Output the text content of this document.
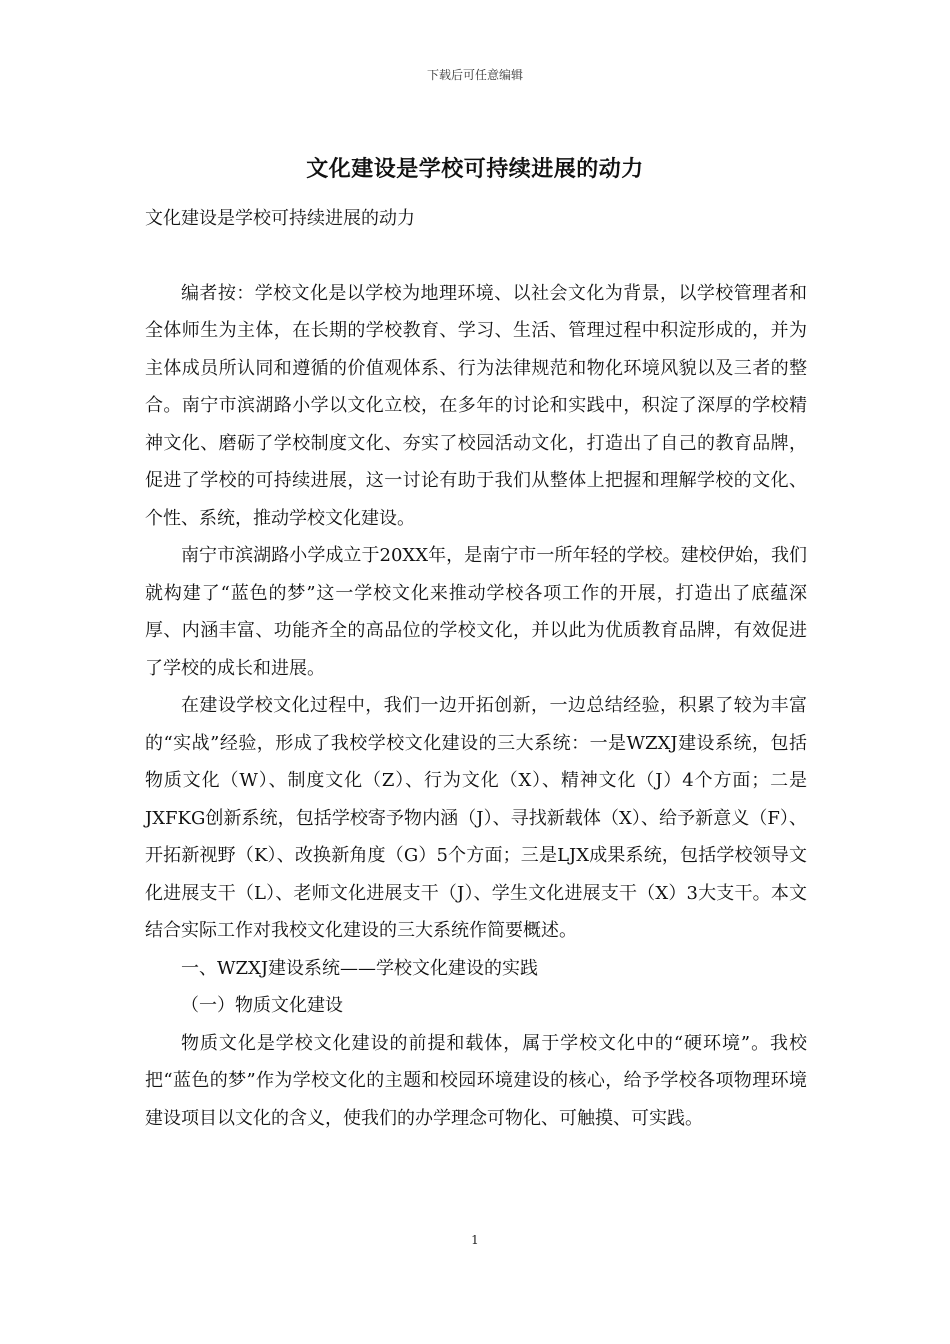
下载后可任意编辑
文化建设是学校可持续进展的动力

文化建设是学校可持续进展的动力

编者按：学校文化是以学校为地理环境、以社会文化为背景，以学校管理者和全体师生为主体，在长期的学校教育、学习、生活、管理过程中积淀形成的，并为主体成员所认同和遵循的价值观体系、行为法律规范和物化环境风貌以及三者的整合。南宁市滨湖路小学以文化立校，在多年的讨论和实践中，积淀了深厚的学校精神文化、磨砺了学校制度文化、夯实了校园活动文化，打造出了自己的教育品牌，促进了学校的可持续进展，这一讨论有助于我们从整体上把握和理解学校的文化、个性、系统，推动学校文化建设。

南宁市滨湖路小学成立于20XX年，是南宁市一所年轻的学校。建校伊始，我们就构建了“蓝色的梦”这一学校文化来推动学校各项工作的开展，打造出了底蕴深厚、内涵丰富、功能齐全的高品位的学校文化，并以此为优质教育品牌，有效促进了学校的成长和进展。

在建设学校文化过程中，我们一边开拓创新，一边总结经验，积累了较为丰富的“实战”经验，形成了我校学校文化建设的三大系统：一是WZXJ建设系统，包括物质文化（W）、制度文化（Z）、行为文化（X）、精神文化（J）4个方面；二是JXFKG创新系统，包括学校寄予物内涵（J）、寻找新载体（X）、给予新意义（F）、开拓新视野（K）、改换新角度（G）5个方面；三是LJX成果系统，包括学校领导文化进展支干（L）、老师文化进展支干（J）、学生文化进展支干（X）3大支干。本文结合实际工作对我校文化建设的三大系统作简要概述。

一、WZXJ建设系统——学校文化建设的实践

（一）物质文化建设

物质文化是学校文化建设的前提和载体，属于学校文化中的“硬环境”。我校把“蓝色的梦”作为学校文化的主题和校园环境建设的核心，给予学校各项物理环境建设项目以文化的含义，使我们的办学理念可物化、可触摸、可实践。

1
